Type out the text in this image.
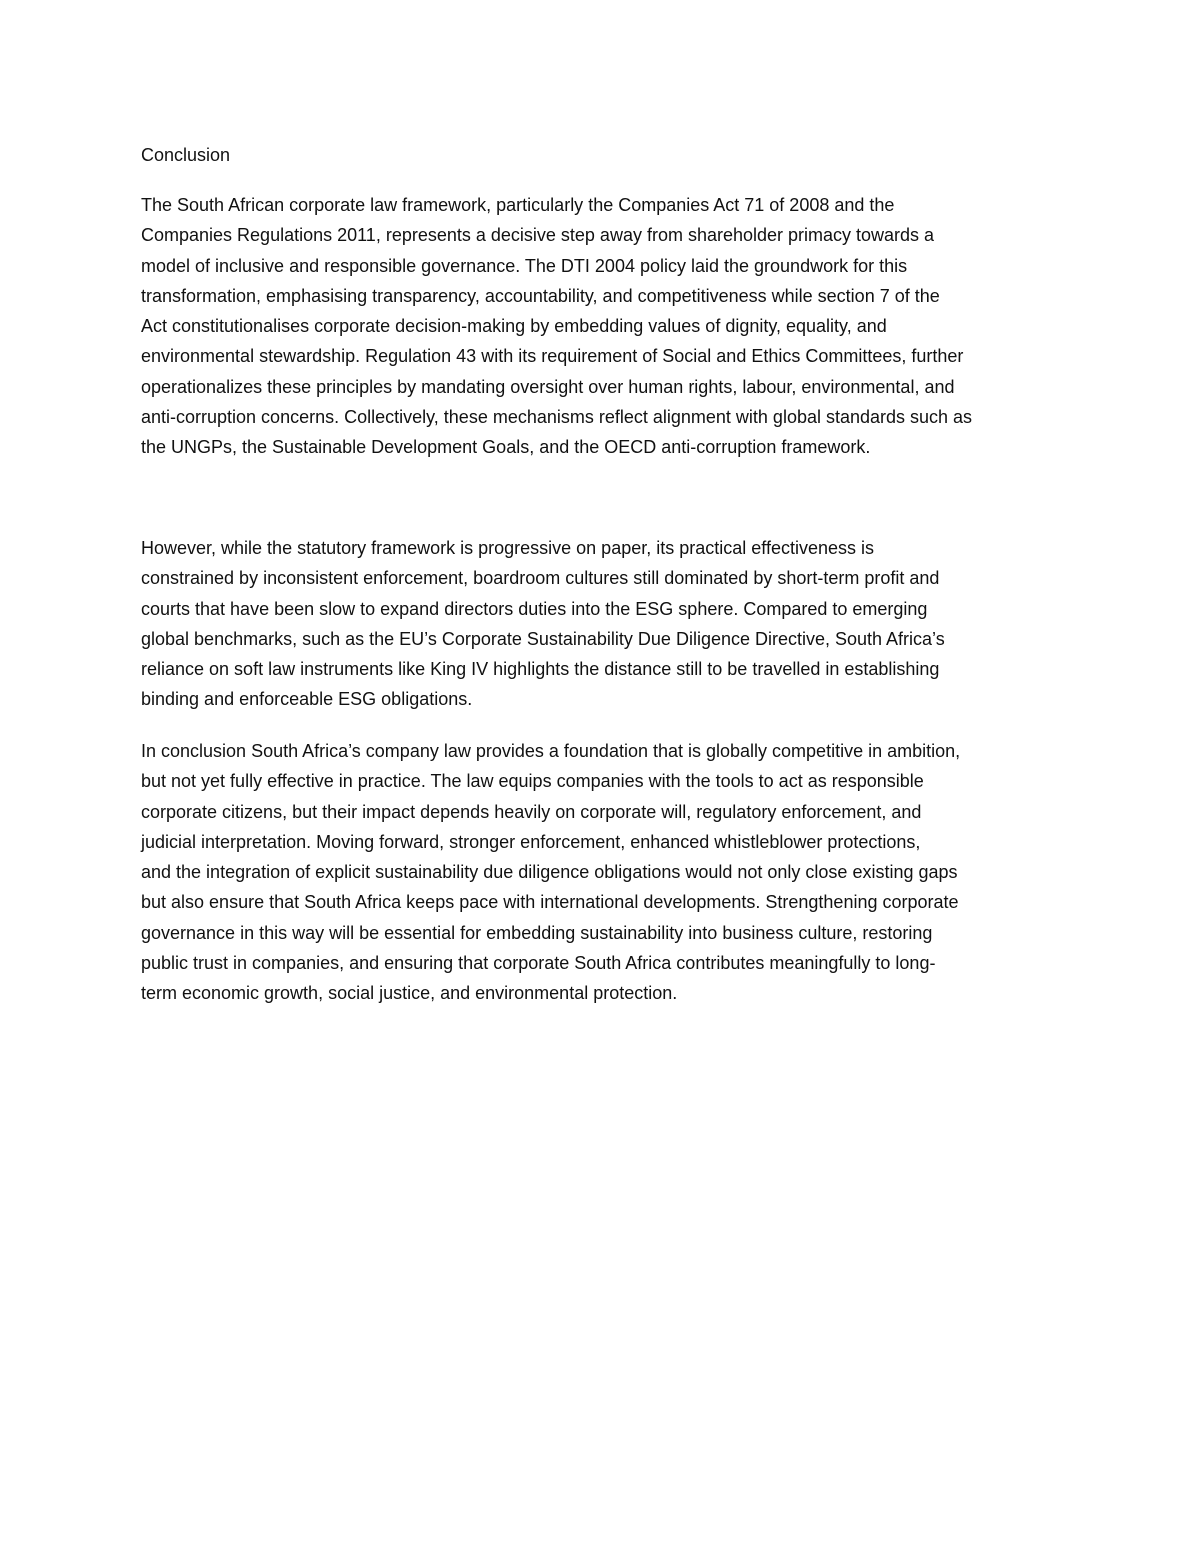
Conclusion

The South African corporate law framework, particularly the Companies Act 71 of 2008 and the
Companies Regulations 2011, represents a decisive step away from shareholder primacy towards a
model of inclusive and responsible governance. The DTI 2004 policy laid the groundwork for this
transformation, emphasising transparency, accountability, and competitiveness while section 7 of the
Act constitutionalises corporate decision-making by embedding values of dignity, equality, and
environmental stewardship. Regulation 43 with its requirement of Social and Ethics Committees, further
operationalizes these principles by mandating oversight over human rights, labour, environmental, and
anti-corruption concerns. Collectively, these mechanisms reflect alignment with global standards such as
the UNGPs, the Sustainable Development Goals, and the OECD anti-corruption framework.

However, while the statutory framework is progressive on paper, its practical effectiveness is
constrained by inconsistent enforcement, boardroom cultures still dominated by short-term profit and
courts that have been slow to expand directors duties into the ESG sphere. Compared to emerging
global benchmarks, such as the EU’s Corporate Sustainability Due Diligence Directive, South Africa’s
reliance on soft law instruments like King IV highlights the distance still to be travelled in establishing
binding and enforceable ESG obligations.

In conclusion South Africa’s company law provides a foundation that is globally competitive in ambition,
but not yet fully effective in practice. The law equips companies with the tools to act as responsible
corporate citizens, but their impact depends heavily on corporate will, regulatory enforcement, and
judicial interpretation. Moving forward, stronger enforcement, enhanced whistleblower protections,
and the integration of explicit sustainability due diligence obligations would not only close existing gaps
but also ensure that South Africa keeps pace with international developments. Strengthening corporate
governance in this way will be essential for embedding sustainability into business culture, restoring
public trust in companies, and ensuring that corporate South Africa contributes meaningfully to long-
term economic growth, social justice, and environmental protection.
